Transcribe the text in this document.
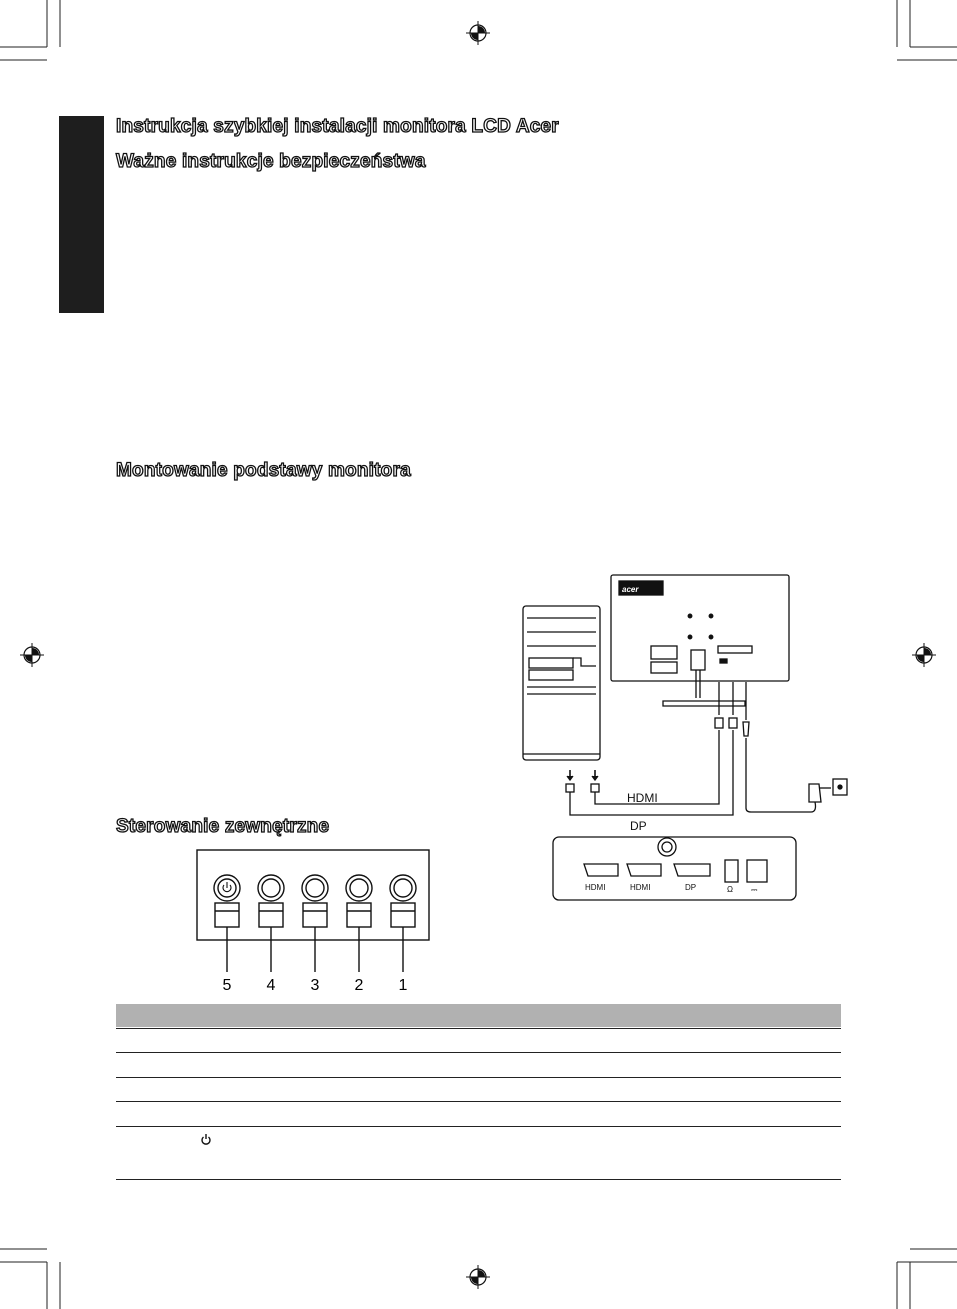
Instrukcja szybkiej instalacji monitora LCD Acer
Ważne instrukcje bezpieczeństwa
Montowanie podstawy monitora
Sterowanie zewnętrzne
acer
HDMI
DP
HDMI	HDMI	DP	Ω ⎓
5	4	3	2	1
